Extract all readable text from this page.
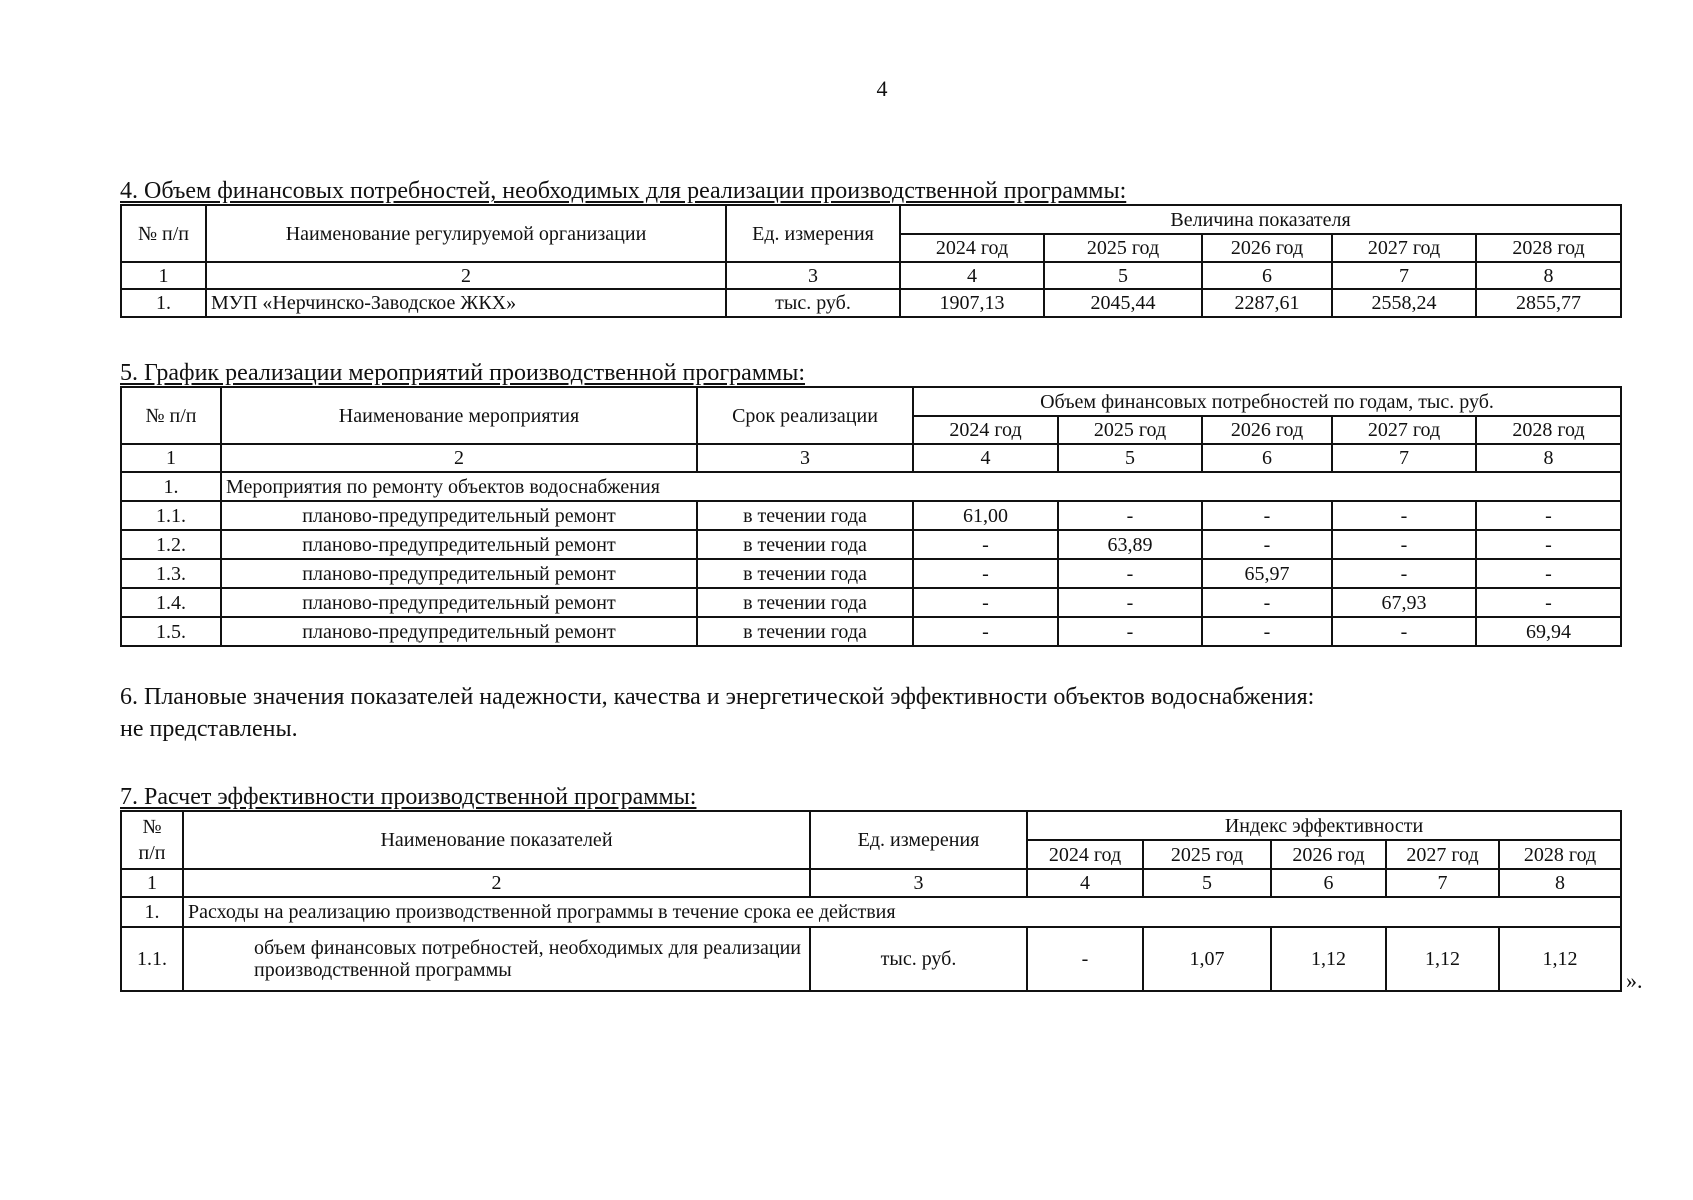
4
4. Объем финансовых потребностей, необходимых для реализации производственной программы:
№ п/п	Наименование регулируемой организации	Ед. измерения	Величина показателя				
			2024 год	2025 год	2026 год	2027 год	2028 год
1	2	3	4	5	6	7	8
1.	МУП «Нерчинско-Заводское ЖКХ»	тыс. руб.	1907,13	2045,44	2287,61	2558,24	2855,77
5. График реализации мероприятий производственной программы:
№ п/п	Наименование мероприятия	Срок реализации	Объем финансовых потребностей по годам, тыс. руб.				
			2024 год	2025 год	2026 год	2027 год	2028 год
1	2	3	4	5	6	7	8
1.	Мероприятия по ремонту объектов водоснабжения						
1.1.	планово-предупредительный ремонт	в течении года	61,00	-	-	-	-
1.2.	планово-предупредительный ремонт	в течении года	-	63,89	-	-	-
1.3.	планово-предупредительный ремонт	в течении года	-	-	65,97	-	-
1.4.	планово-предупредительный ремонт	в течении года	-	-	-	67,93	-
1.5.	планово-предупредительный ремонт	в течении года	-	-	-	-	69,94
6. Плановые значения показателей надежности, качества и энергетической эффективности объектов водоснабжения:
не представлены.
7. Расчет эффективности производственной программы:
№
п/п	Наименование показателей	Ед. измерения	Индекс эффективности				
			2024 год	2025 год	2026 год	2027 год	2028 год
1	2	3	4	5	6	7	8
1.	Расходы на реализацию производственной программы в течение срока ее действия						
1.1.	объем финансовых потребностей, необходимых для реализации производственной программы	тыс. руб.	-	1,07	1,12	1,12	1,12
».
